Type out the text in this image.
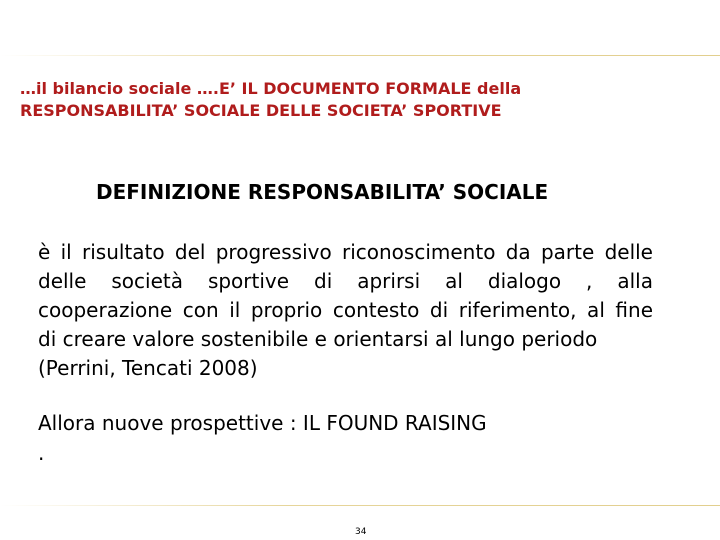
…il bilancio sociale ….E’ IL DOCUMENTO FORMALE della
RESPONSABILITA’ SOCIALE DELLE SOCIETA’ SPORTIVE
DEFINIZIONE RESPONSABILITA’ SOCIALE
è il risultato del progressivo riconoscimento da parte delle
delle società sportive di aprirsi al dialogo , alla
cooperazione con il proprio contesto di riferimento, al fine
di creare valore sostenibile e orientarsi al lungo periodo
(Perrini, Tencati 2008)
Allora nuove prospettive : IL FOUND RAISING
.
34
